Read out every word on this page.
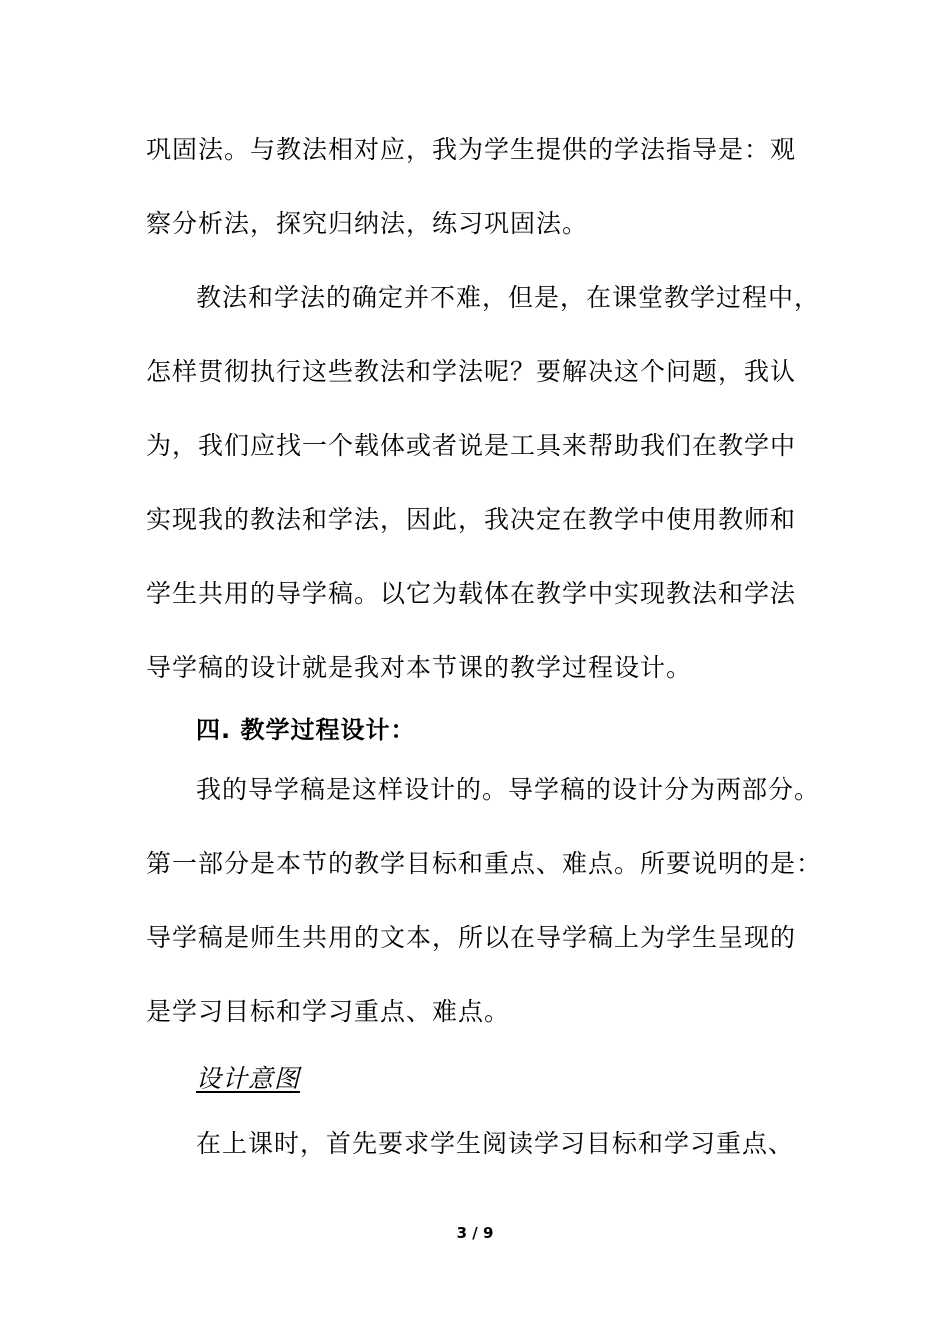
巩固法。与教法相对应，我为学生提供的学法指导是：观
察分析法，探究归纳法，练习巩固法。
教法和学法的确定并不难，但是，在课堂教学过程中，
怎样贯彻执行这些教法和学法呢？要解决这个问题，我认
为，我们应找一个载体或者说是工具来帮助我们在教学中
实现我的教法和学法，因此，我决定在教学中使用教师和
学生共用的导学稿。以它为载体在教学中实现教法和学法
导学稿的设计就是我对本节课的教学过程设计。
四. 教学过程设计：
我的导学稿是这样设计的。导学稿的设计分为两部分。
第一部分是本节的教学目标和重点、难点。所要说明的是：
导学稿是师生共用的文本，所以在导学稿上为学生呈现的
是学习目标和学习重点、难点。
设计意图
在上课时，首先要求学生阅读学习目标和学习重点、
3 / 9
